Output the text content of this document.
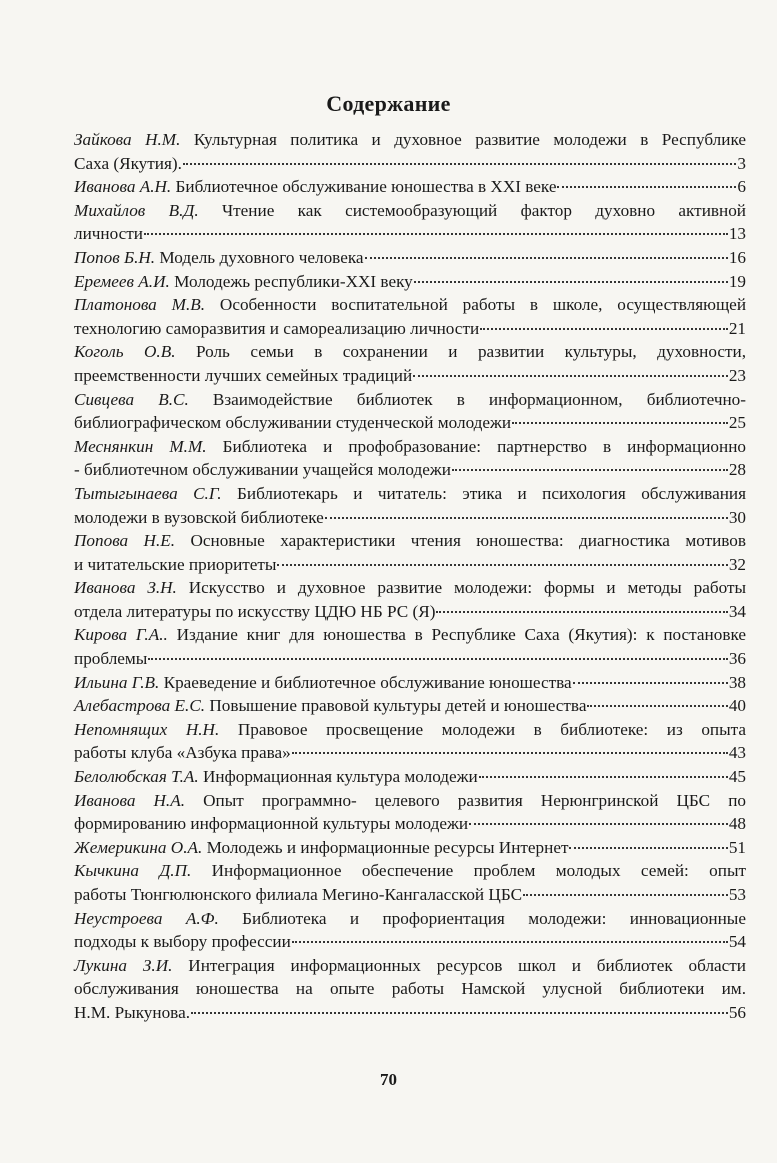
Содержание
Зайкова Н.М. Культурная политика и духовное развитие молодежи в Республике
Саха (Якутия).	3
Иванова А.Н. Библиотечное обслуживание юношества в XXI веке	6
Михайлов В.Д. Чтение как системообразующий фактор духовно активной
личности	13
Попов Б.Н. Модель духовного человека	16
Еремеев А.И. Молодежь республики-XXI веку	19
Платонова М.В. Особенности воспитательной работы в школе, осуществляющей
технологию саморазвития и самореализацию личности	21
Коголь О.В. Роль семьи в сохранении и развитии культуры, духовности,
преемственности лучших семейных традиций	23
Сивцева В.С. Взаимодействие библиотек в информационном, библиотечно-
библиографическом обслуживании студенческой молодежи	25
Меснянкин М.М. Библиотека и профобразование: партнерство в информационно
- библиотечном обслуживании учащейся молодежи	28
Тытыгынаева С.Г. Библиотекарь и читатель: этика и психология обслуживания
молодежи в вузовской библиотеке	30
Попова Н.Е. Основные характеристики чтения юношества: диагностика мотивов
и читательские приоритеты	32
Иванова З.Н. Искусство и духовное развитие молодежи: формы и методы работы
отдела литературы по искусству ЦДЮ НБ РС (Я)	34
Кирова Г.А.. Издание книг для юношества в Республике Саха (Якутия): к постановке
проблемы	36
Ильина Г.В. Краеведение и библиотечное обслуживание юношества	38
Алебастрова Е.С. Повышение правовой культуры детей и юношества	40
Непомнящих Н.Н. Правовое просвещение молодежи в библиотеке: из опыта
работы клуба «Азбука права»	43
Белолюбская Т.А. Информационная культура молодежи	45
Иванова Н.А. Опыт программно- целевого развития Нерюнгринской ЦБС по
формированию информационной культуры молодежи	48
Жемерикина О.А. Молодежь и информационные ресурсы Интернет	51
Кычкина Д.П. Информационное обеспечение проблем молодых семей: опыт
работы Тюнгюлюнского филиала Мегино-Кангаласской ЦБС	53
Неустроева А.Ф. Библиотека и профориентация молодежи: инновационные
подходы к выбору профессии	54
Лукина З.И. Интеграция информационных ресурсов школ и библиотек области
обслуживания юношества на опыте работы Намской улусной библиотеки им.
Н.М. Рыкунова.	56
70
